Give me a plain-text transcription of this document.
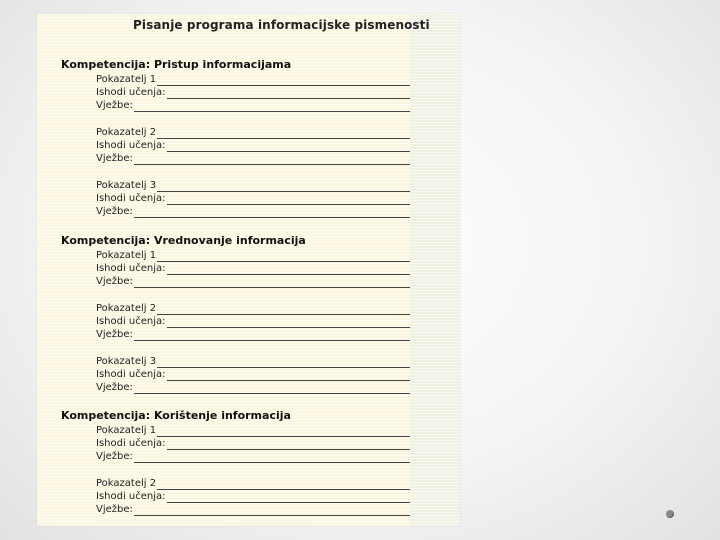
Pisanje programa informacijske pismenosti
Kompetencija: Pristup informacijama
Pokazatelj 1
Ishodi učenja:
Vježbe:
Pokazatelj 2
Ishodi učenja:
Vježbe:
Pokazatelj 3
Ishodi učenja:
Vježbe:
Kompetencija: Vrednovanje informacija
Pokazatelj 1
Ishodi učenja:
Vježbe:
Pokazatelj 2
Ishodi učenja:
Vježbe:
Pokazatelj 3
Ishodi učenja:
Vježbe:
Kompetencija: Korištenje informacija
Pokazatelj 1
Ishodi učenja:
Vježbe:
Pokazatelj 2
Ishodi učenja:
Vježbe:
